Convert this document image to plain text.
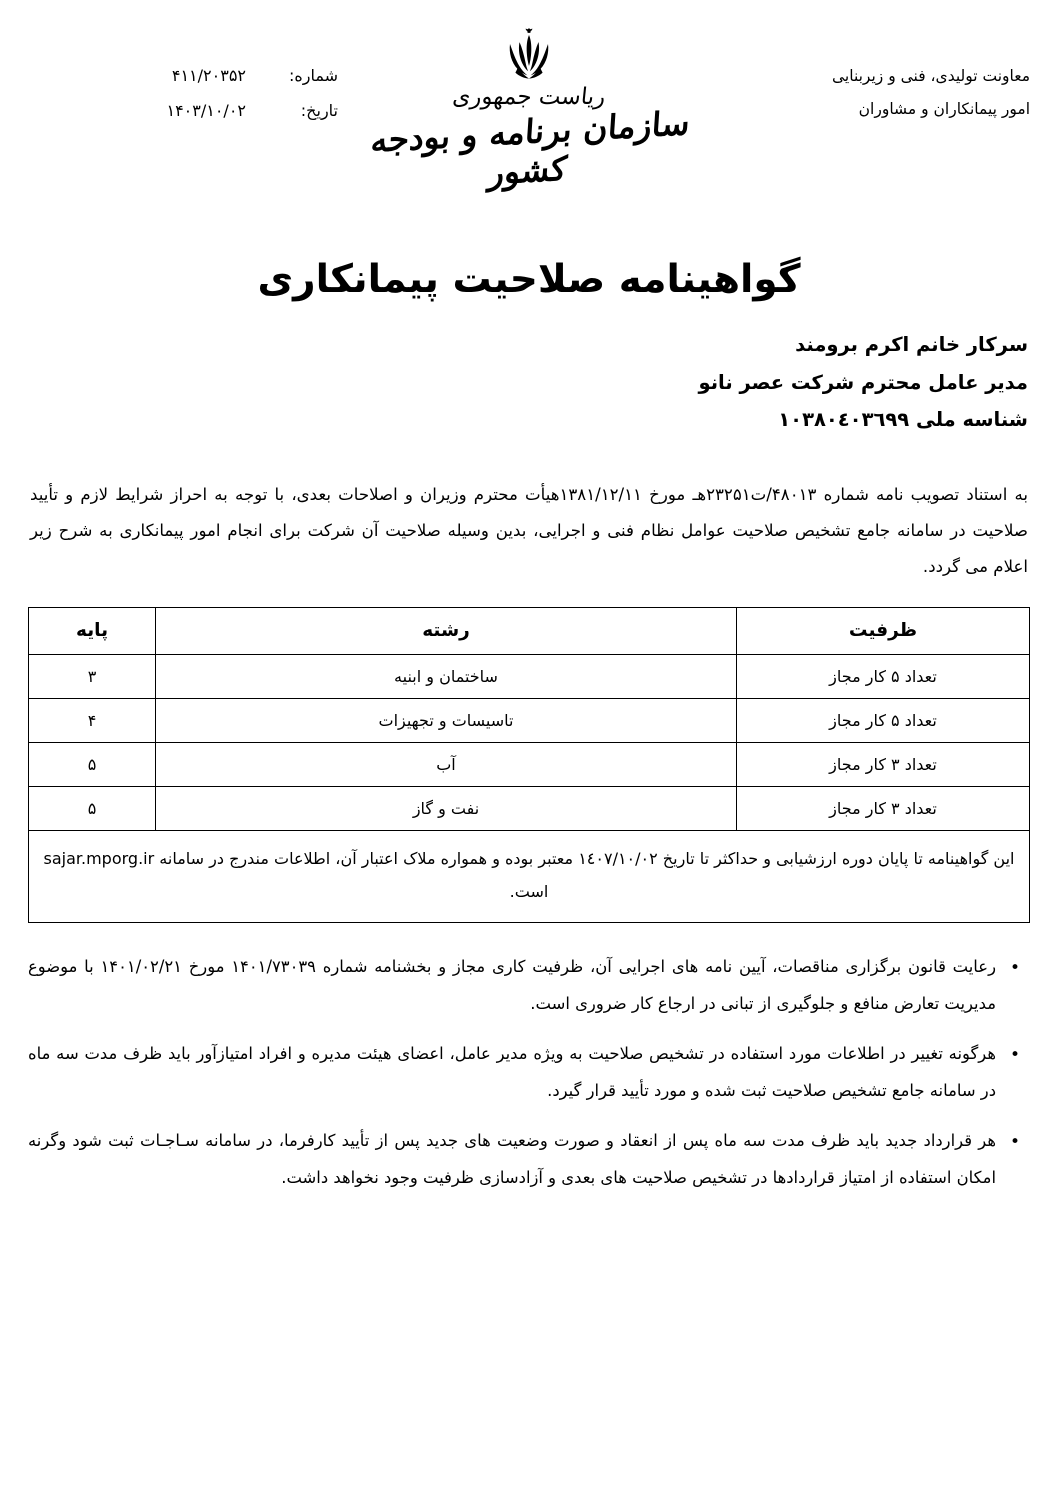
معاونت تولیدی، فنی و زیربنایی
امور پیمانکاران و مشاوران
ریاست جمهوری
سازمان برنامه و بودجه کشور
شماره:
۴۱۱/۲۰۳۵۲
تاریخ:
۱۴۰۳/۱۰/۰۲
گواهینامه صلاحیت پیمانکاری
سرکار خانم اکرم برومند
مدیر عامل محترم شرکت عصر نانو
شناسه ملی ۱۰۳۸۰٤۰۳٦۹۹
به استناد تصویب نامه شماره ۴۸۰۱۳/ت۲۳۲۵۱هـ مورخ ۱۳۸۱/۱۲/۱۱هیأت محترم وزیران و اصلاحات بعدی، با توجه به احراز شرایط لازم و تأیید صلاحیت در سامانه جامع تشخیص صلاحیت عوامل نظام فنی و اجرایی، بدین وسیله صلاحیت آن شرکت برای انجام امور پیمانکاری به شرح زیر اعلام می گردد.
ظرفیت	رشته	پایه
تعداد ۵ کار مجاز	ساختمان و ابنیه	۳
تعداد ۵ کار مجاز	تاسیسات و تجهیزات	۴
تعداد ۳ کار مجاز	آب	۵
تعداد ۳ کار مجاز	نفت و گاز	۵
این گواهینامه تا پایان دوره ارزشیابی و حداکثر تا تاریخ ۱٤۰۷/۱۰/۰۲ معتبر بوده و همواره ملاک اعتبار آن، اطلاعات مندرج در سامانه sajar.mporg.ir است.		
• رعایت قانون برگزاری مناقصات، آیین نامه های اجرایی آن، ظرفیت کاری مجاز و بخشنامه شماره ۱۴۰۱/۷۳۰۳۹ مورخ ۱۴۰۱/۰۲/۲۱ با موضوع مدیریت تعارض منافع و جلوگیری از تبانی در ارجاع کار ضروری است.
• هرگونه تغییر در اطلاعات مورد استفاده در تشخیص صلاحیت به ویژه مدیر عامل، اعضای هیئت مدیره و افراد امتیازآور باید ظرف مدت سه ماه در سامانه جامع تشخیص صلاحیت ثبت شده و مورد تأیید قرار گیرد.
• هر قرارداد جدید باید ظرف مدت سه ماه پس از انعقاد و صورت وضعیت های جدید پس از تأیید کارفرما، در سامانه سـاجـات ثبت شود وگرنه امکان استفاده از امتیاز قراردادها در تشخیص صلاحیت های بعدی و آزادسازی ظرفیت وجود نخواهد داشت.
